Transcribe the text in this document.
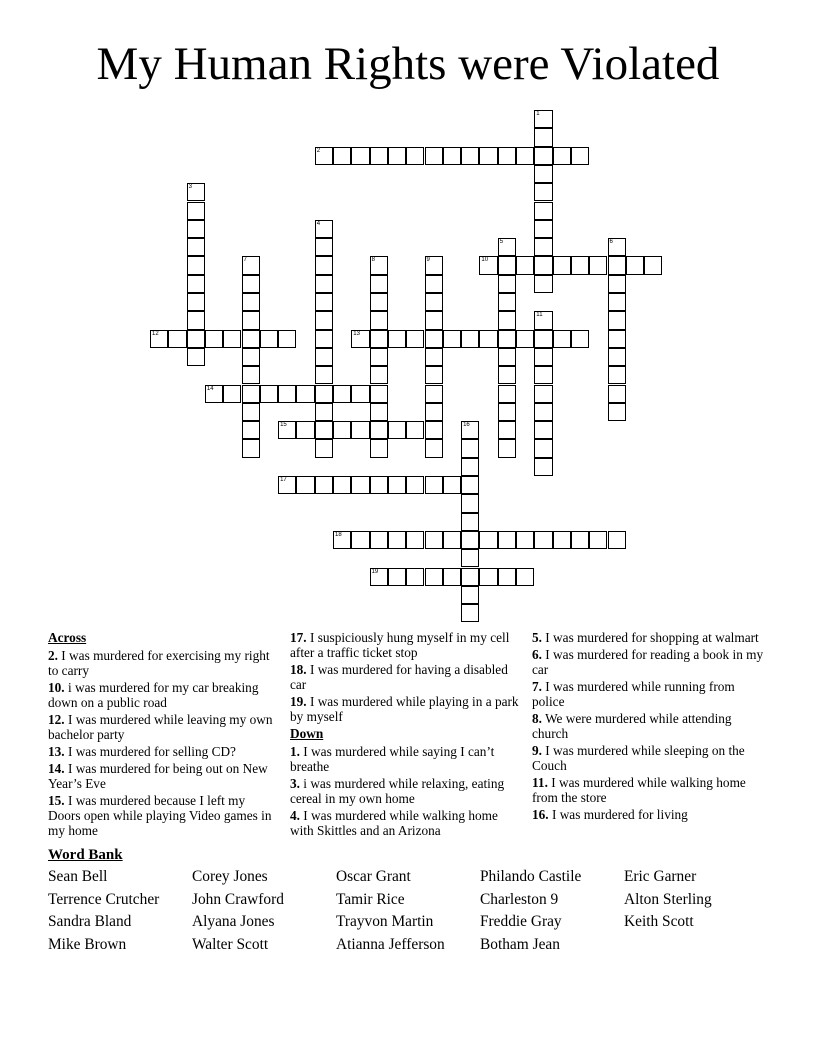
My Human Rights were Violated
1
2
3
4
5	6
7	8	9	10
11
12	13
14
15	16
17
18
19
Across
2. I was murdered for exercising my right to carry
10. i was murdered for my car breaking down on a public road
12. I was murdered while leaving my own bachelor party
13. I was murdered for selling CD?
14. I was murdered for being out on New Year’s Eve
15. I was murdered because I left my Doors open while playing Video games in my home
17. I suspiciously hung myself in my cell after a traffic ticket stop
18. I was murdered for having a disabled car
19. I was murdered while playing in a park by myself
Down
1. I was murdered while saying I can’t breathe
3. i was murdered while relaxing, eating cereal in my own home
4. I was murdered while walking home with Skittles and an Arizona
5. I was murdered for shopping at walmart
6. I was murdered for reading a book in my car
7. I was murdered while running from police
8. We were murdered while attending church
9. I was murdered while sleeping on the Couch
11. I was murdered while walking home from the store
16. I was murdered for living
Word Bank
Sean Bell	Corey Jones	Oscar Grant	Philando Castile	Eric Garner
Terrence Crutcher	John Crawford	Tamir Rice	Charleston 9	Alton Sterling
Sandra Bland	Alyana Jones	Trayvon Martin	Freddie Gray	Keith Scott
Mike Brown	Walter Scott	Atianna Jefferson	Botham Jean
